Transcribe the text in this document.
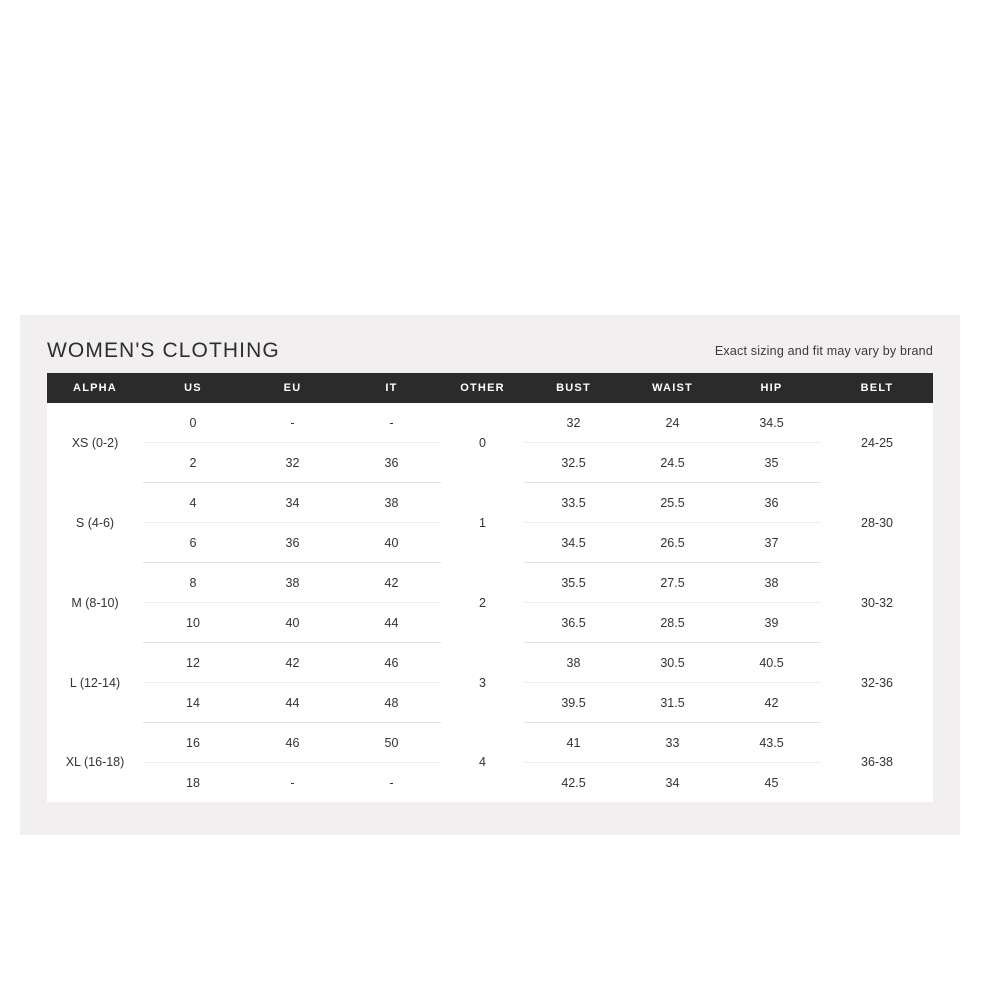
WOMEN'S CLOTHING	Exact sizing and fit may vary by brand
ALPHA	US	EU	IT	OTHER	BUST	WAIST	HIP	BELT
XS (0-2)	0	-	-	0	32	24	34.5	24-25
	2	32	36		32.5	24.5	35	
S (4-6)	4	34	38	1	33.5	25.5	36	28-30
	6	36	40		34.5	26.5	37	
M (8-10)	8	38	42	2	35.5	27.5	38	30-32
	10	40	44		36.5	28.5	39	
L (12-14)	12	42	46	3	38	30.5	40.5	32-36
	14	44	48		39.5	31.5	42	
XL (16-18)	16	46	50	4	41	33	43.5	36-38
	18	-	-		42.5	34	45	
